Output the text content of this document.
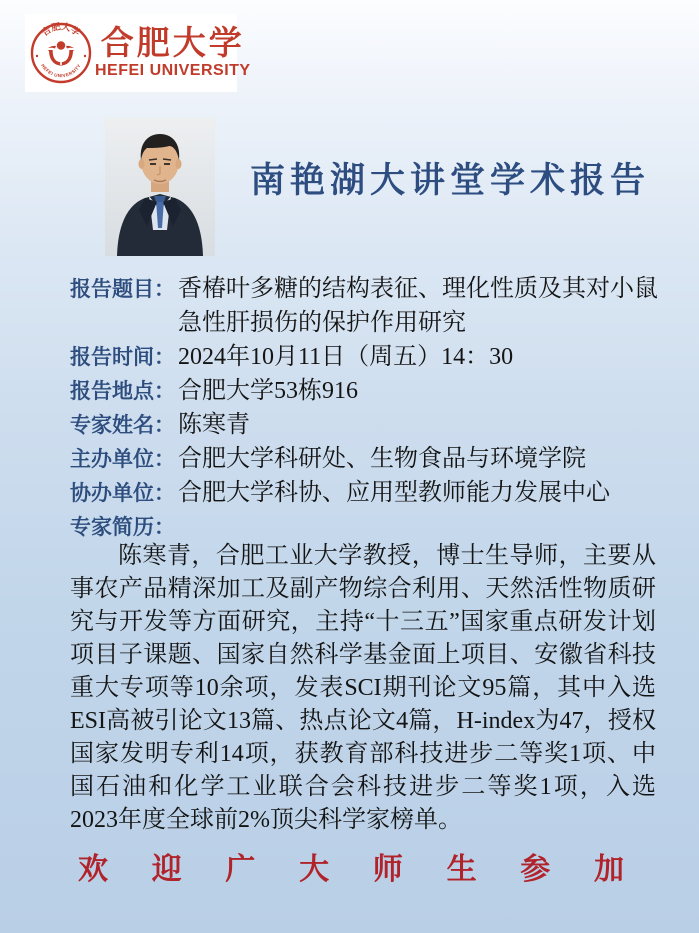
合肥大学
HEFEI UNIVERSITY
合肥大学
HEFEI UNIVERSITY
南艳湖大讲堂学术报告
报告题目： 香椿叶多糖的结构表征、理化性质及其对小鼠急性肝损伤的保护作用研究
报告时间： 2024年10月11日（周五）14：30
报告地点： 合肥大学53栋916
专家姓名： 陈寒青
主办单位： 合肥大学科研处、生物食品与环境学院
协办单位： 合肥大学科协、应用型教师能力发展中心
专家简历：

陈寒青，合肥工业大学教授，博士生导师，主要从事农产品精深加工及副产物综合利用、天然活性物质研究与开发等方面研究，主持“十三五”国家重点研发计划项目子课题、国家自然科学基金面上项目、安徽省科技重大专项等10余项，发表SCI期刊论文95篇，其中入选ESI高被引论文13篇、热点论文4篇，H-index为47，授权国家发明专利14项，获教育部科技进步二等奖1项、中国石油和化学工业联合会科技进步二等奖1项，入选2023年度全球前2%顶尖科学家榜单。

欢迎广大师生参加
